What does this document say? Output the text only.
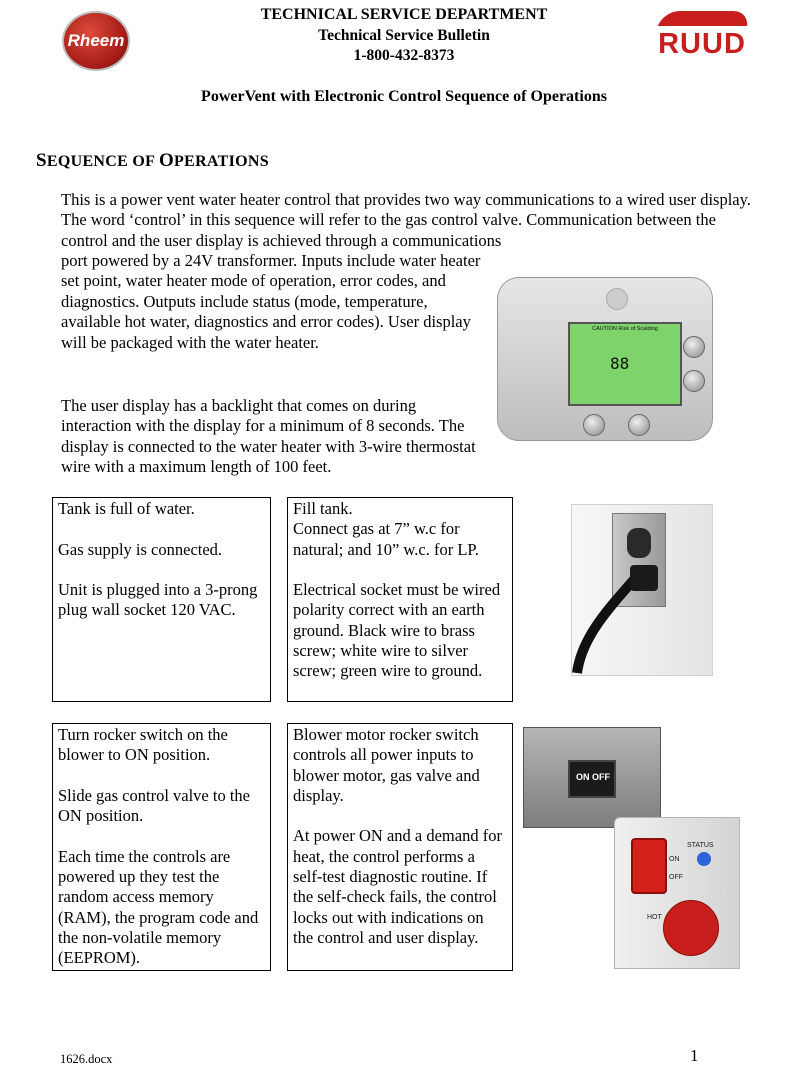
Rheem	RUUD
TECHNICAL SERVICE DEPARTMENT
Technical Service Bulletin
1-800-432-8373
PowerVent with Electronic Control Sequence of Operations
SEQUENCE OF OPERATIONS
This is a power vent water heater control that provides two way communications to a wired user display. The word ‘control’ in this sequence will refer to the gas control valve. Communication between the control and the user display is achieved through a communications
port powered by a 24V transformer. Inputs include water heater set point, water heater mode of operation, error codes, and diagnostics. Outputs include status (mode, temperature, available hot water, diagnostics and error codes). User display will be packaged with the water heater.
The user display has a backlight that comes on during interaction with the display for a minimum of 8 seconds. The display is connected to the water heater with 3-wire thermostat wire with a maximum length of 100 feet.
CAUTION Risk of Scalding
88

Tank is full of water.

Gas supply is connected.

Unit is plugged into a 3-prong plug wall socket 120 VAC.

Fill tank.
Connect gas at 7” w.c for natural; and 10” w.c. for LP.

Electrical socket must be wired polarity correct with an earth ground. Black wire to brass screw; white wire to silver screw; green wire to ground.

Turn rocker switch on the blower to ON position.

Slide gas control valve to the ON position.

Each time the controls are powered up they test the random access memory (RAM), the program code and the non-volatile memory (EEPROM).

Blower motor rocker switch controls all power inputs to blower motor, gas valve and display.

At power ON and a demand for heat, the control performs a self-test diagnostic routine. If the self-check fails, the control locks out with indications on the control and user display.

ON OFF
ON
OFF
STATUS
HOT
1626.docx	1
